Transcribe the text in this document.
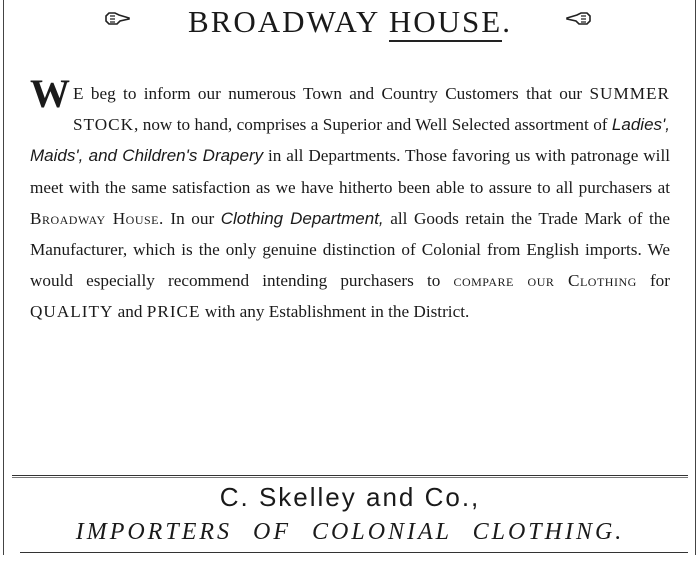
BROADWAY HOUSE.
W E beg to inform our numerous Town and Country Customers that our SUMMER STOCK, now to hand, comprises a Superior and Well Selected assortment of Ladies', Maids', and Children's Drapery in all Departments. Those favoring us with patronage will meet with the same satisfaction as we have hitherto been able to assure to all purchasers at Broadway House. In our Clothing Department, all Goods retain the Trade Mark of the Manufacturer, which is the only genuine distinction of Colonial from English imports. We would especially recommend intending purchasers to compare our Clothing for QUALITY and PRICE with any Establishment in the District.
C. Skelley and Co.,
IMPORTERS OF COLONIAL CLOTHING.
